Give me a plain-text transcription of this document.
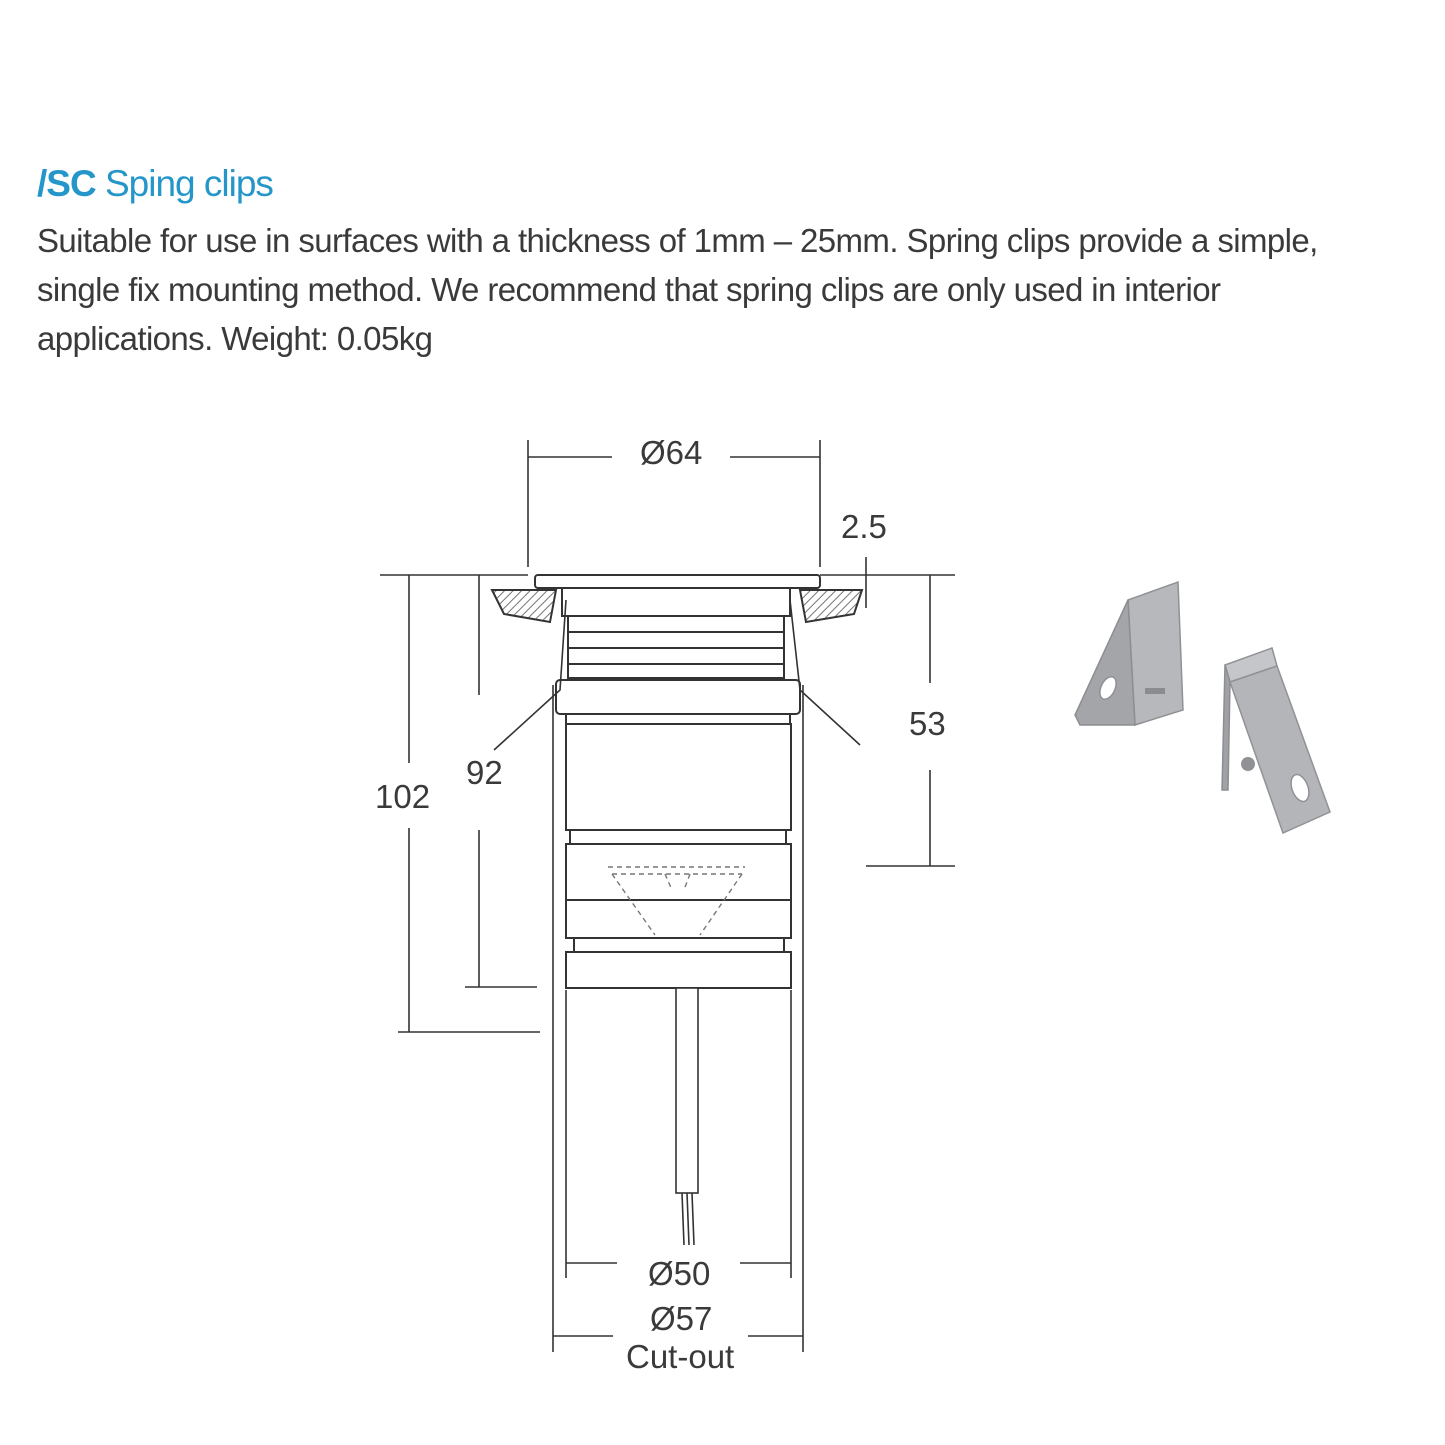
/SC Sping clips
Suitable for use in surfaces with a thickness of 1mm – 25mm. Spring clips provide a simple,
single fix mounting method. We recommend that spring clips are only used in interior
applications. Weight: 0.05kg
Ø64
2.5
53
92
102
Ø50
Ø57
Cut-out
